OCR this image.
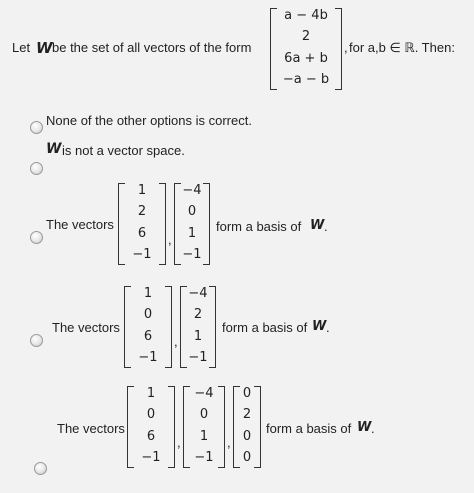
Let W be the set of all vectors of the form
a − 4b
2
6a + b
−a − b
, for a,b ∈ ℝ. Then:
None of the other options is correct.
W is not a vector space.
The vectors
1
2
6
−1
,
−4
0
1
−1
form a basis of W .
The vectors
1
0
6
−1
,
−4
2
1
−1
form a basis of W .
The vectors
1
0
6
−1
,
−4
0
1
−1
,
0
2
0
0
form a basis of W .
